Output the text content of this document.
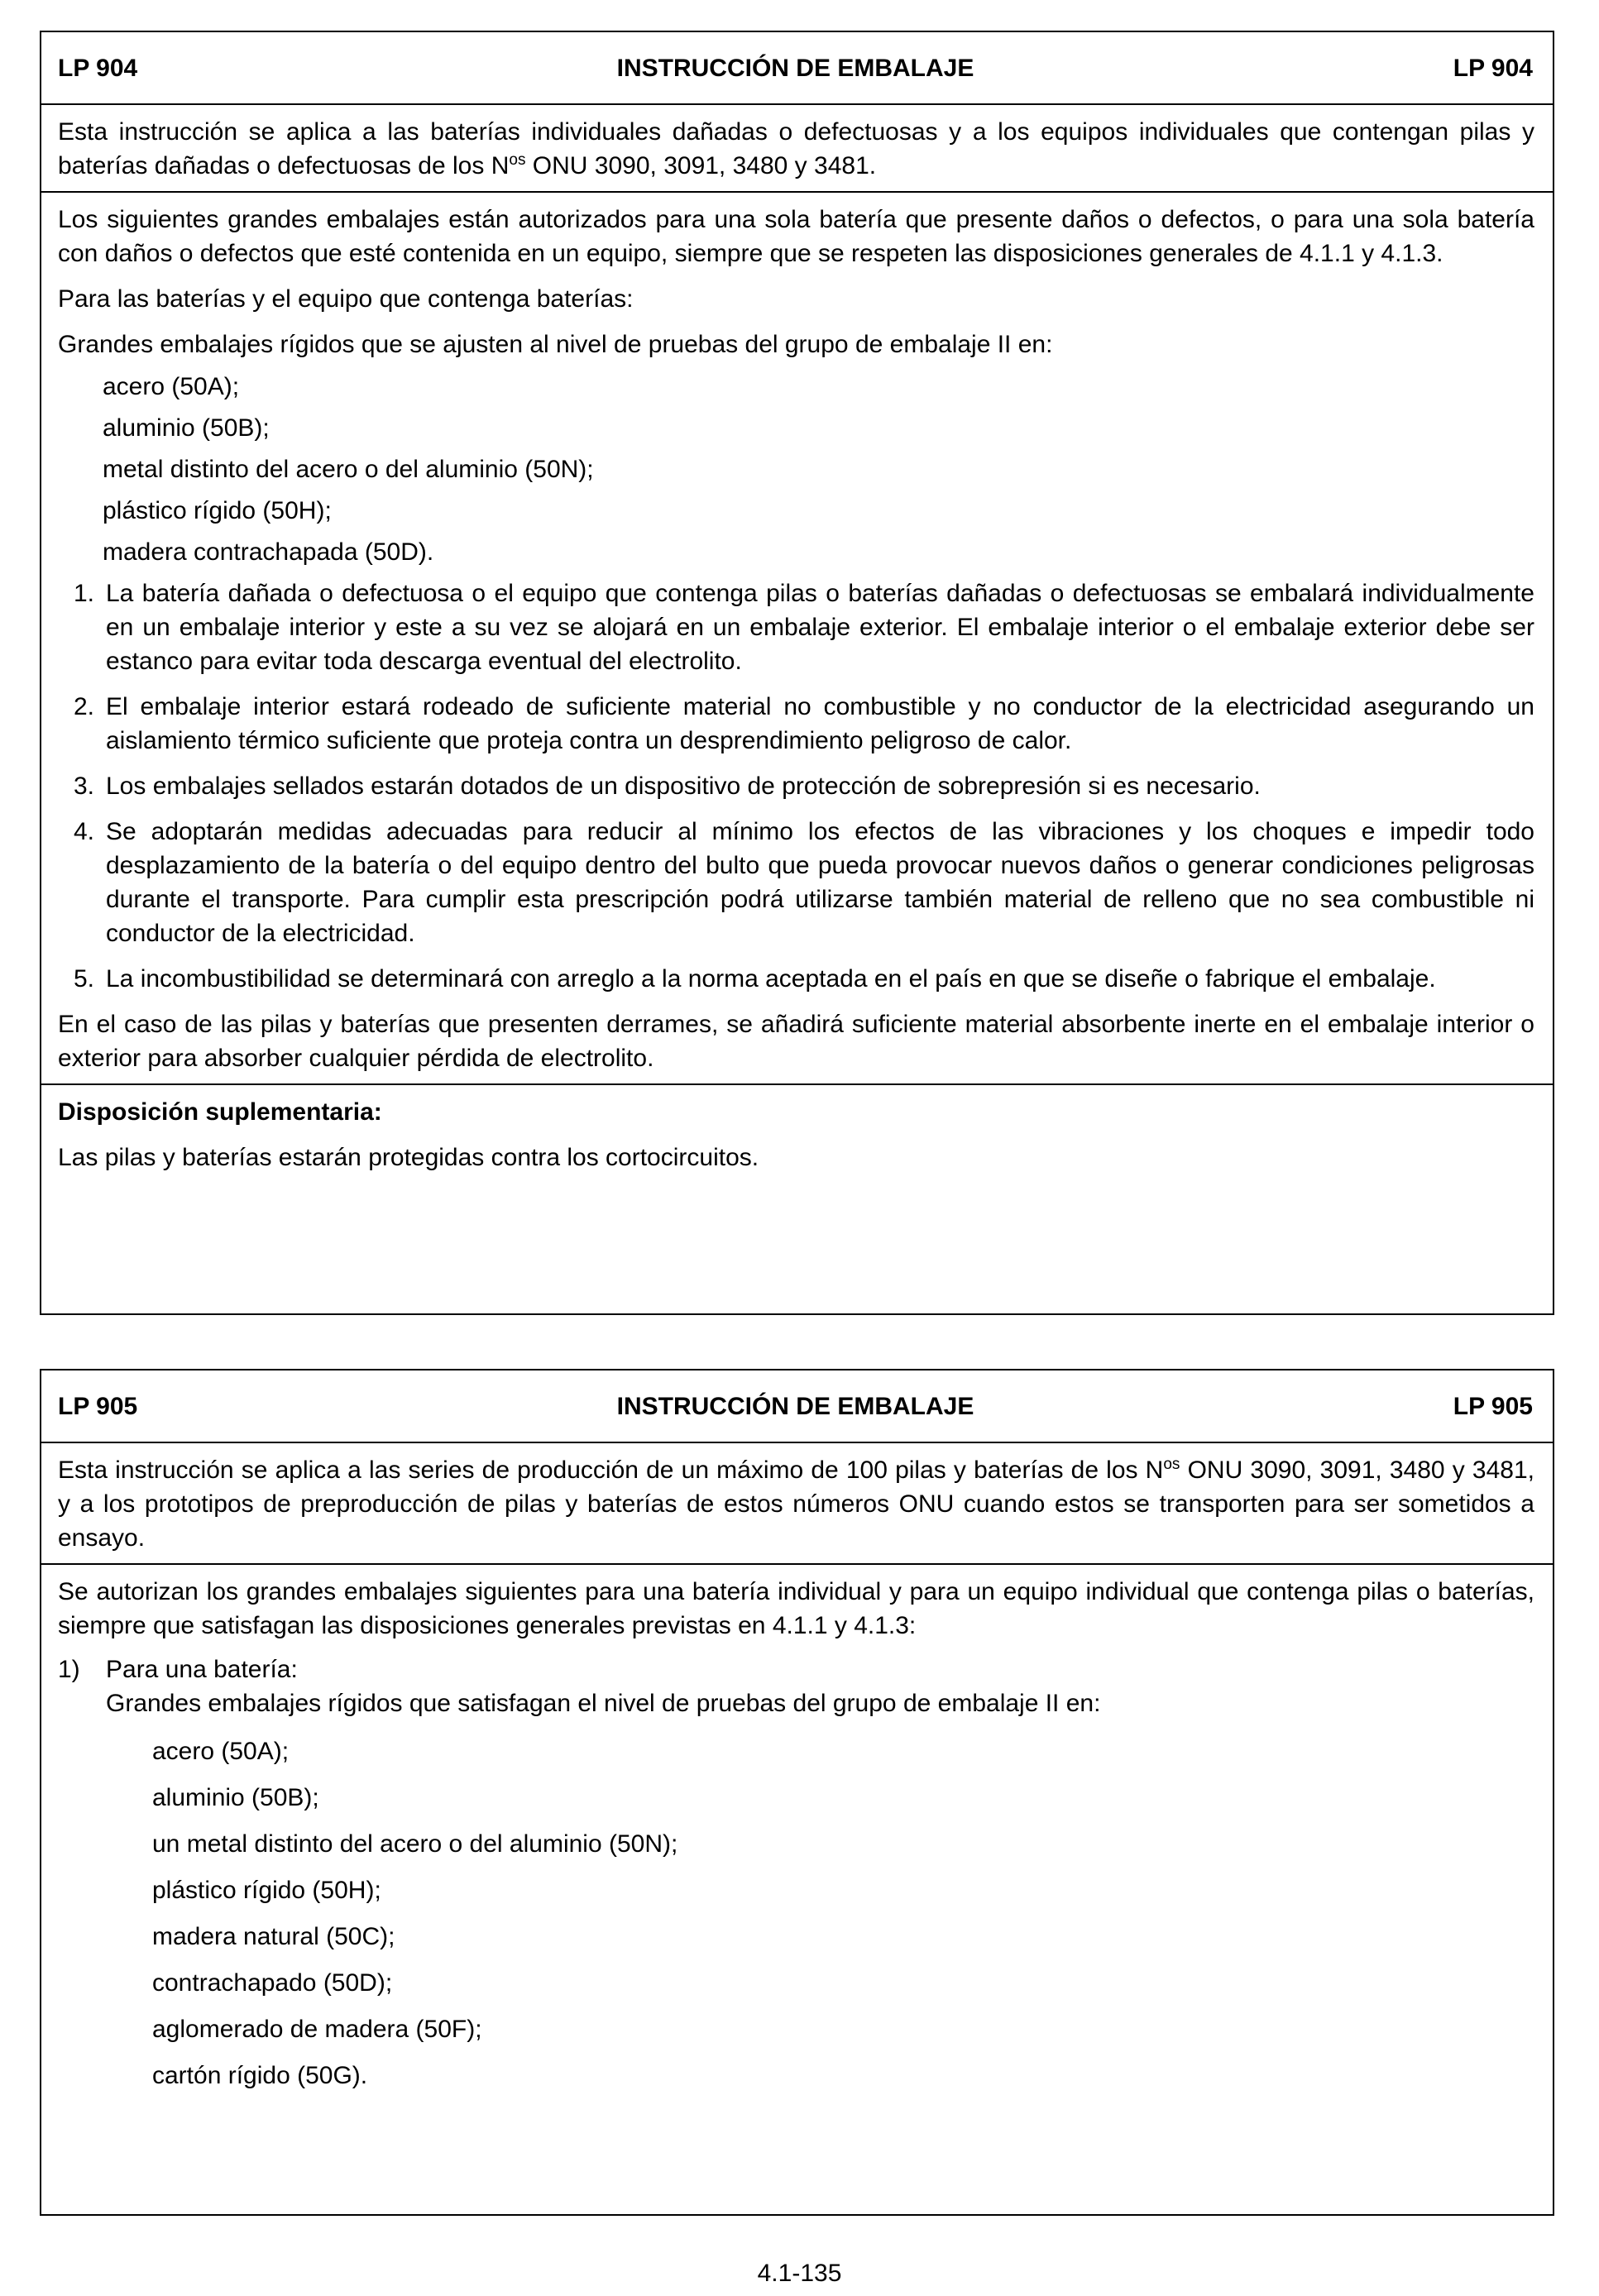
LP 904	INSTRUCCIÓN DE EMBALAJE	LP 904

Esta instrucción se aplica a las baterías individuales dañadas o defectuosas y a los equipos individuales que contengan pilas y baterías dañadas o defectuosas de los $N^{os}$ ONU 3090, 3091, 3480 y 3481.

Los siguientes grandes embalajes están autorizados para una sola batería que presente daños o defectos, o para una sola batería con daños o defectos que esté contenida en un equipo, siempre que se respeten las disposiciones generales de 4.1.1 y 4.1.3.

Para las baterías y el equipo que contenga baterías:

Grandes embalajes rígidos que se ajusten al nivel de pruebas del grupo de embalaje II en:

acero (50A);
aluminio (50B);
metal distinto del acero o del aluminio (50N);
plástico rígido (50H);
madera contrachapada (50D).
1. La batería dañada o defectuosa o el equipo que contenga pilas o baterías dañadas o defectuosas se embalará individualmente en un embalaje interior y este a su vez se alojará en un embalaje exterior. El embalaje interior o el embalaje exterior debe ser estanco para evitar toda descarga eventual del electrolito.
2. El embalaje interior estará rodeado de suficiente material no combustible y no conductor de la electricidad asegurando un aislamiento térmico suficiente que proteja contra un desprendimiento peligroso de calor.
3. Los embalajes sellados estarán dotados de un dispositivo de protección de sobrepresión si es necesario.
4. Se adoptarán medidas adecuadas para reducir al mínimo los efectos de las vibraciones y los choques e impedir todo desplazamiento de la batería o del equipo dentro del bulto que pueda provocar nuevos daños o generar condiciones peligrosas durante el transporte. Para cumplir esta prescripción podrá utilizarse también material de relleno que no sea combustible ni conductor de la electricidad.
5. La incombustibilidad se determinará con arreglo a la norma aceptada en el país en que se diseñe o fabrique el embalaje.

En el caso de las pilas y baterías que presenten derrames, se añadirá suficiente material absorbente inerte en el embalaje interior o exterior para absorber cualquier pérdida de electrolito.

Disposición suplementaria:

Las pilas y baterías estarán protegidas contra los cortocircuitos.

LP 905	INSTRUCCIÓN DE EMBALAJE	LP 905

Esta instrucción se aplica a las series de producción de un máximo de 100 pilas y baterías de los $N^{os}$ ONU 3090, 3091, 3480 y 3481, y a los prototipos de preproducción de pilas y baterías de estos números ONU cuando estos se transporten para ser sometidos a ensayo.

Se autorizan los grandes embalajes siguientes para una batería individual y para un equipo individual que contenga pilas o baterías, siempre que satisfagan las disposiciones generales previstas en 4.1.1 y 4.1.3:

1)	Para una batería:

Grandes embalajes rígidos que satisfagan el nivel de pruebas del grupo de embalaje II en:

acero (50A);
aluminio (50B);
un metal distinto del acero o del aluminio (50N);
plástico rígido (50H);
madera natural (50C);
contrachapado (50D);
aglomerado de madera (50F);
cartón rígido (50G).
4.1-135
